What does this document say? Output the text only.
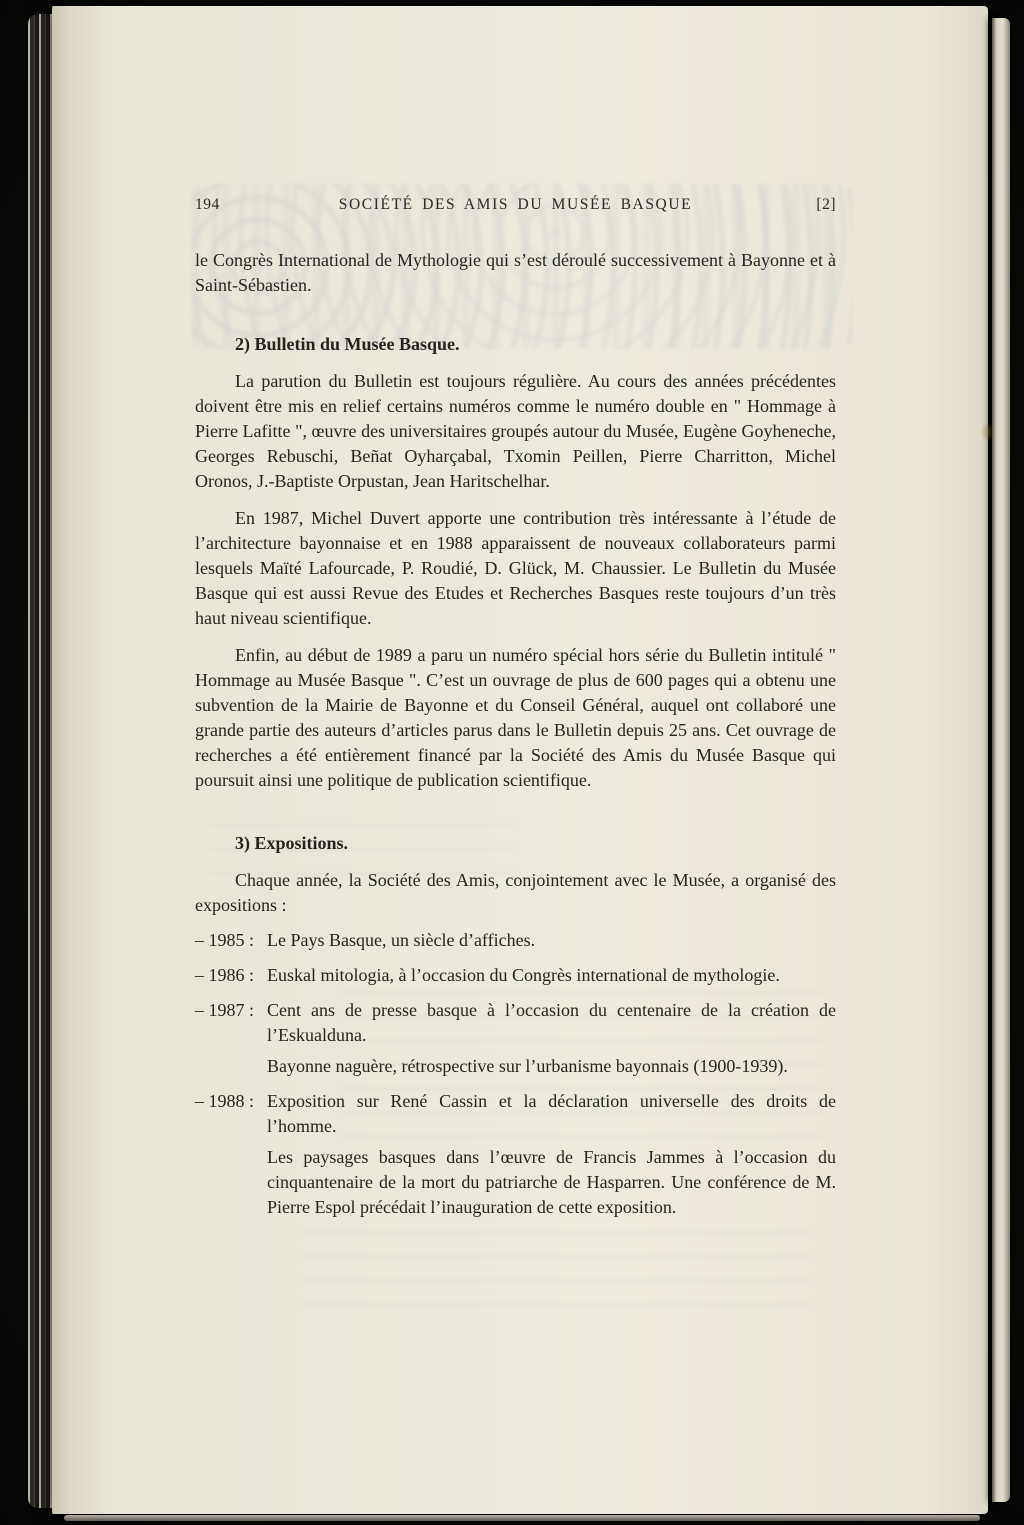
194	SOCIÉTÉ DES AMIS DU MUSÉE BASQUE	[2]

le Congrès International de Mythologie qui s’est déroulé successivement à Bayonne et à Saint-Sébastien.

2) Bulletin du Musée Basque.

La parution du Bulletin est toujours régulière. Au cours des années précédentes doivent être mis en relief certains numéros comme le numéro double en " Hommage à Pierre Lafitte ", œuvre des universitaires groupés autour du Musée, Eugène Goyheneche, Georges Rebuschi, Beñat Oyharçabal, Txomin Peillen, Pierre Charritton, Michel Oronos, J.-Baptiste Orpustan, Jean Haritschelhar.

En 1987, Michel Duvert apporte une contribution très intéressante à l’étude de l’architecture bayonnaise et en 1988 apparaissent de nouveaux collaborateurs parmi lesquels Maïté Lafourcade, P. Roudié, D. Glück, M. Chaussier. Le Bulletin du Musée Basque qui est aussi Revue des Etudes et Recherches Basques reste toujours d’un très haut niveau scientifique.

Enfin, au début de 1989 a paru un numéro spécial hors série du Bulletin intitulé " Hommage au Musée Basque ". C’est un ouvrage de plus de 600 pages qui a obtenu une subvention de la Mairie de Bayonne et du Conseil Général, auquel ont collaboré une grande partie des auteurs d’articles parus dans le Bulletin depuis 25 ans. Cet ouvrage de recherches a été entièrement financé par la Société des Amis du Musée Basque qui poursuit ainsi une politique de publication scientifique.

3) Expositions.

Chaque année, la Société des Amis, conjointement avec le Musée, a organisé des expositions :

– 1985 : Le Pays Basque, un siècle d’affiches.

– 1986 : Euskal mitologia, à l’occasion du Congrès international de mythologie.

– 1987 : Cent ans de presse basque à l’occasion du centenaire de la création de l’Eskualduna.

Bayonne naguère, rétrospective sur l’urbanisme bayonnais (1900-1939).

– 1988 : Exposition sur René Cassin et la déclaration universelle des droits de l’homme.

Les paysages basques dans l’œuvre de Francis Jammes à l’occasion du cinquantenaire de la mort du patriarche de Hasparren. Une conférence de M. Pierre Espol précédait l’inauguration de cette exposition.
